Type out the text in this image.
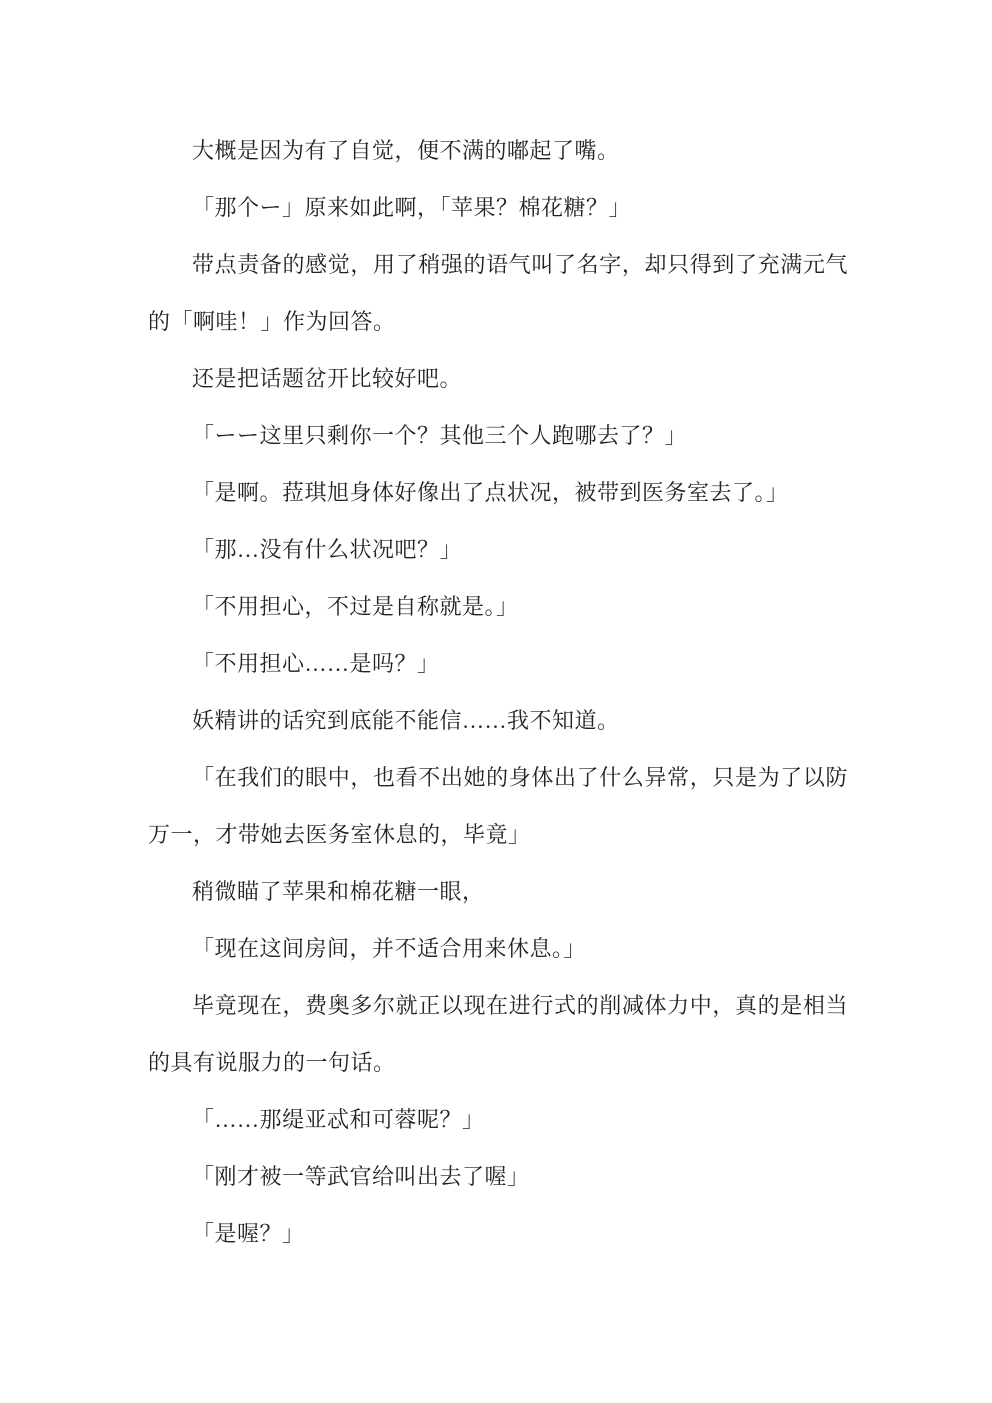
大概是因为有了自觉，便不满的嘟起了嘴。

「那个ー」原来如此啊，「苹果？棉花糖？」

带点责备的感觉，用了稍强的语气叫了名字，却只得到了充满元气的「啊哇！」作为回答。

还是把话题岔开比较好吧。

「ーー这里只剩你一个？其他三个人跑哪去了？」

「是啊。菈琪旭身体好像出了点状况，被带到医务室去了。」

「那…没有什么状况吧？」

「不用担心，不过是自称就是。」

「不用担心……是吗？」

妖精讲的话究到底能不能信……我不知道。

「在我们的眼中，也看不出她的身体出了什么异常，只是为了以防万一，才带她去医务室休息的，毕竟」

稍微瞄了苹果和棉花糖一眼，

「现在这间房间，并不适合用来休息。」

毕竟现在，费奥多尔就正以现在进行式的削减体力中，真的是相当的具有说服力的一句话。

「……那缇亚忒和可蓉呢？」

「刚才被一等武官给叫出去了喔」

「是喔？」
